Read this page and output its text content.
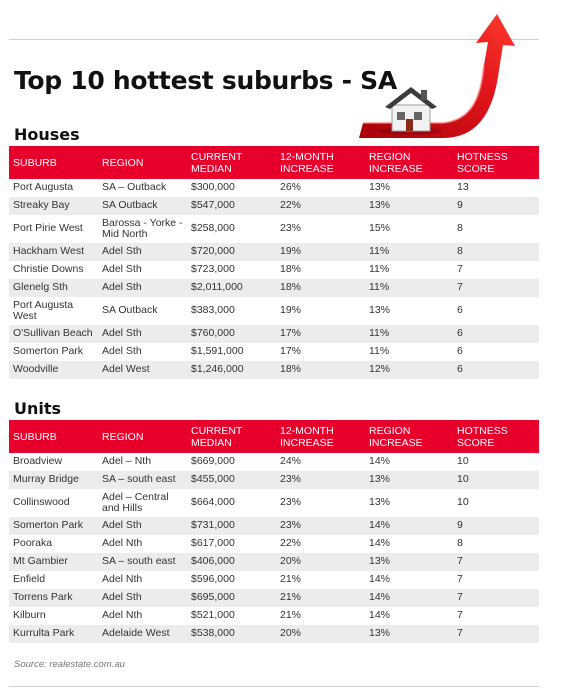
Top 10 hottest suburbs - SA
Houses
SUBURB	REGION	CURRENT MEDIAN	12-MONTH INCREASE	REGION INCREASE	HOTNESS SCORE
Port Augusta	SA – Outback	$300,000	26%	13%	13
Streaky Bay	SA Outback	$547,000	22%	13%	9
Port Pirie West	Barossa - Yorke - Mid North	$258,000	23%	15%	8
Hackham West	Adel Sth	$720,000	19%	11%	8
Christie Downs	Adel Sth	$723,000	18%	11%	7
Glenelg Sth	Adel Sth	$2,011,000	18%	11%	7
Port Augusta West	SA Outback	$383,000	19%	13%	6
O'Sullivan Beach	Adel Sth	$760,000	17%	11%	6
Somerton Park	Adel Sth	$1,591,000	17%	11%	6
Woodville	Adel West	$1,246,000	18%	12%	6
Units
SUBURB	REGION	CURRENT MEDIAN	12-MONTH INCREASE	REGION INCREASE	HOTNESS SCORE
Broadview	Adel – Nth	$669,000	24%	14%	10
Murray Bridge	SA – south east	$455,000	23%	13%	10
Collinswood	Adel – Central and Hills	$664,000	23%	13%	10
Somerton Park	Adel Sth	$731,000	23%	14%	9
Pooraka	Adel Nth	$617,000	22%	14%	8
Mt Gambier	SA – south east	$406,000	20%	13%	7
Enfield	Adel Nth	$596,000	21%	14%	7
Torrens Park	Adel Sth	$695,000	21%	14%	7
Kilburn	Adel Nth	$521,000	21%	14%	7
Kurrulta Park	Adelaide West	$538,000	20%	13%	7
Source: realestate.com.au
